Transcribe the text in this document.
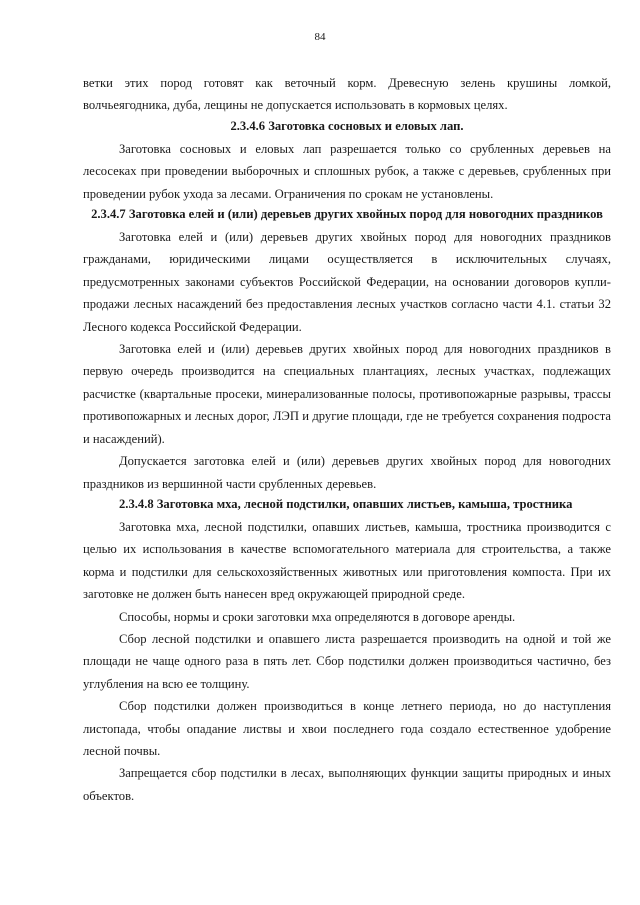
84

ветки этих пород готовят как веточный корм. Древесную зелень крушины ломкой, волчьеягодника, дуба, лещины не допускается использовать в кормовых целях.

2.3.4.6 Заготовка сосновых и еловых лап.

Заготовка сосновых и еловых лап разрешается только со срубленных деревьев на лесосеках при проведении выборочных и сплошных рубок, а также с деревьев, срубленных при проведении рубок ухода за лесами. Ограничения по срокам не установлены.

2.3.4.7 Заготовка елей и (или) деревьев других хвойных пород для новогодних праздников

Заготовка елей и (или) деревьев других хвойных пород для новогодних праздников гражданами, юридическими лицами осуществляется в исключительных случаях, предусмотренных законами субъектов Российской Федерации, на основании договоров купли-продажи лесных насаждений без предоставления лесных участков согласно части 4.1. статьи 32 Лесного кодекса Российской Федерации.

Заготовка елей и (или) деревьев других хвойных пород для новогодних праздников в первую очередь производится на специальных плантациях, лесных участках, подлежащих расчистке (квартальные просеки, минерализованные полосы, противопожарные разрывы, трассы противопожарных и лесных дорог, ЛЭП и другие площади, где не требуется сохранения подроста и насаждений).

Допускается заготовка елей и (или) деревьев других хвойных пород для новогодних праздников из вершинной части срубленных деревьев.

2.3.4.8 Заготовка мха, лесной подстилки, опавших листьев, камыша, тростника

Заготовка мха, лесной подстилки, опавших листьев, камыша, тростника производится с целью их использования в качестве вспомогательного материала для строительства, а также корма и подстилки для сельскохозяйственных животных или приготовления компоста. При их заготовке не должен быть нанесен вред окружающей природной среде.

Способы, нормы и сроки заготовки мха определяются в договоре аренды.

Сбор лесной подстилки и опавшего листа разрешается производить на одной и той же площади не чаще одного раза в пять лет. Сбор подстилки должен производиться частично, без углубления на всю ее толщину.

Сбор подстилки должен производиться в конце летнего периода, но до наступления листопада, чтобы опадание листвы и хвои последнего года создало естественное удобрение лесной почвы.

Запрещается сбор подстилки в лесах, выполняющих функции защиты природных и иных объектов.
